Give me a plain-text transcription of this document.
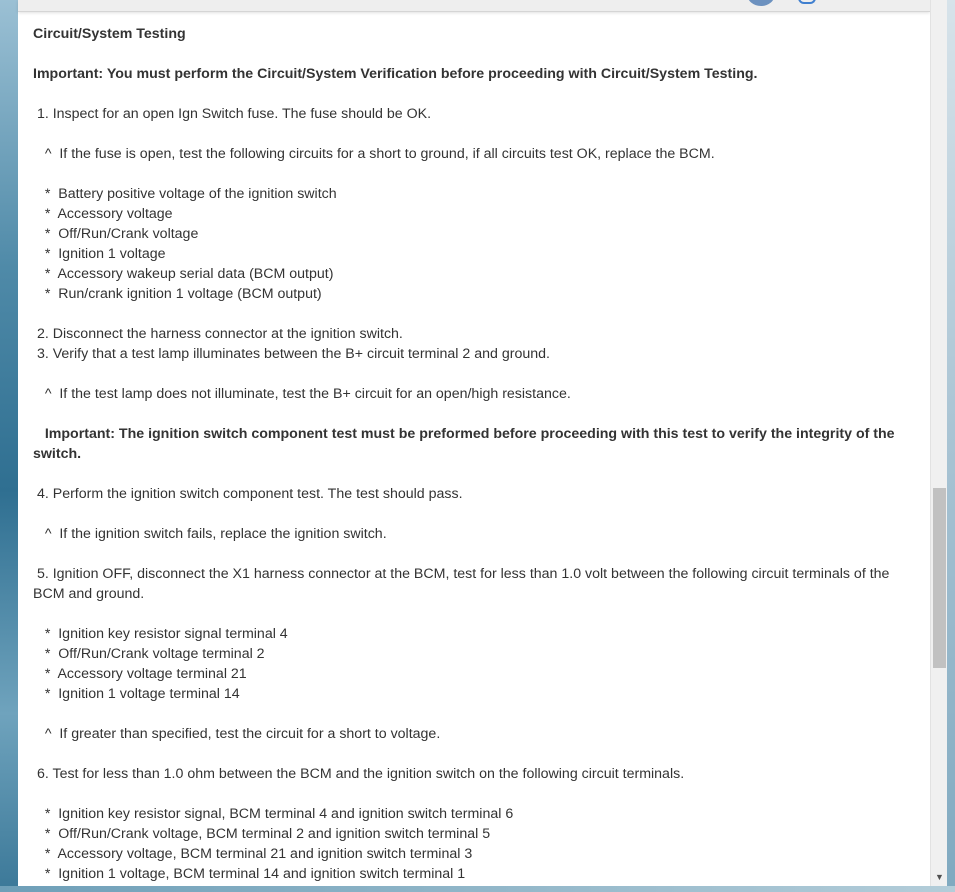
Circuit/System Testing

Important: You must perform the Circuit/System Verification before proceeding with Circuit/System Testing.

1. Inspect for an open Ign Switch fuse. The fuse should be OK.

^  If the fuse is open, test the following circuits for a short to ground, if all circuits test OK, replace the BCM.

*  Battery positive voltage of the ignition switch
*  Accessory voltage
*  Off/Run/Crank voltage
*  Ignition 1 voltage
*  Accessory wakeup serial data (BCM output)
*  Run/crank ignition 1 voltage (BCM output)

2. Disconnect the harness connector at the ignition switch.
3. Verify that a test lamp illuminates between the B+ circuit terminal 2 and ground.

^  If the test lamp does not illuminate, test the B+ circuit for an open/high resistance.

Important: The ignition switch component test must be preformed before proceeding with this test to verify the integrity of the switch.

4. Perform the ignition switch component test. The test should pass.

^  If the ignition switch fails, replace the ignition switch.

5. Ignition OFF, disconnect the X1 harness connector at the BCM, test for less than 1.0 volt between the following circuit terminals of the
BCM and ground.

*  Ignition key resistor signal terminal 4
*  Off/Run/Crank voltage terminal 2
*  Accessory voltage terminal 21
*  Ignition 1 voltage terminal 14

^  If greater than specified, test the circuit for a short to voltage.

6. Test for less than 1.0 ohm between the BCM and the ignition switch on the following circuit terminals.

*  Ignition key resistor signal, BCM terminal 4 and ignition switch terminal 6
*  Off/Run/Crank voltage, BCM terminal 2 and ignition switch terminal 5
*  Accessory voltage, BCM terminal 21 and ignition switch terminal 3
*  Ignition 1 voltage, BCM terminal 14 and ignition switch terminal 1	▼
